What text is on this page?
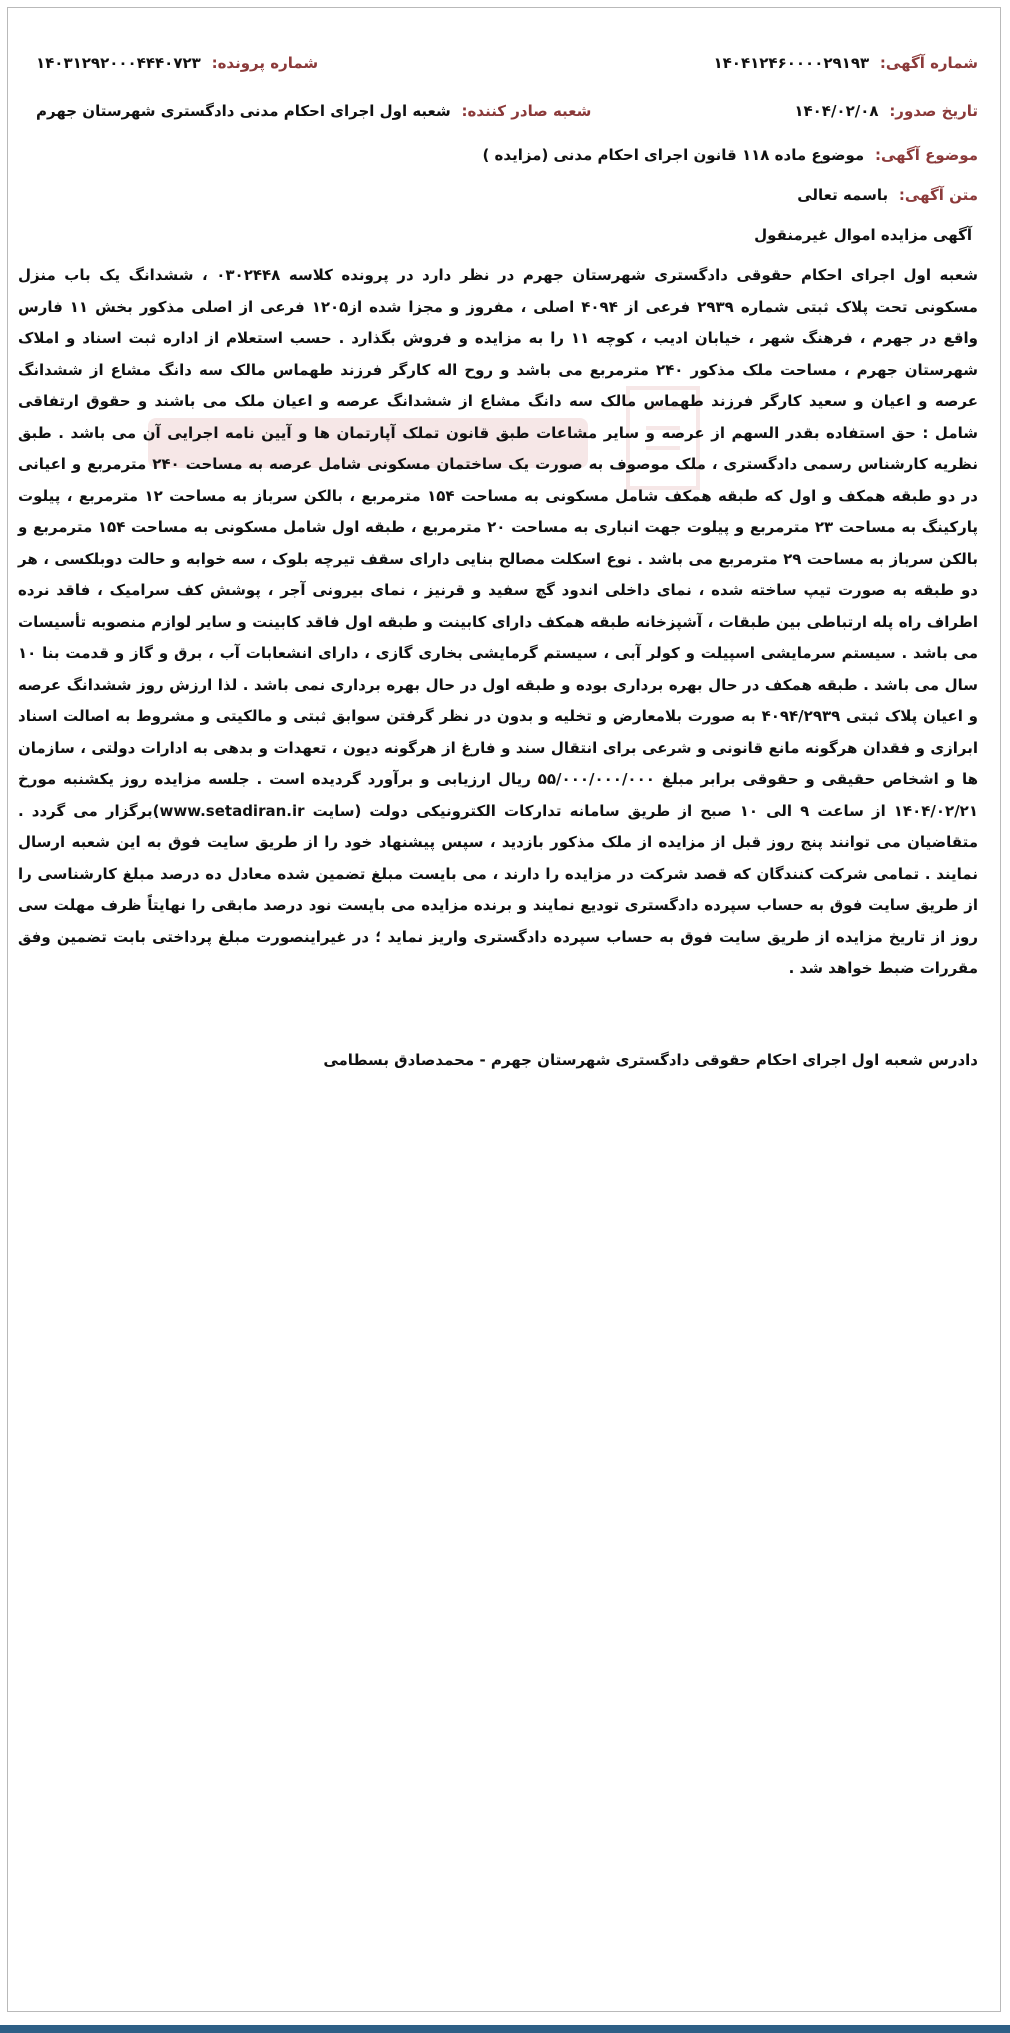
شماره آگهی: ۱۴۰۴۱۲۴۶۰۰۰۰۲۹۱۹۳
شماره پرونده: ۱۴۰۳۱۲۹۲۰۰۰۴۴۴۰۷۲۳
تاریخ صدور: ۱۴۰۴/۰۲/۰۸
شعبه صادر کننده: شعبه اول اجرای احکام مدنی دادگستری شهرستان جهرم
موضوع آگهی: موضوع ماده ۱۱۸ قانون اجرای احکام مدنی (مزایده )
متن آگهی: باسمه تعالی
آگهی مزایده اموال غیرمنقول
شعبه اول اجرای احکام حقوقی دادگستری شهرستان جهرم در نظر دارد در پرونده کلاسه ۰۳۰۲۴۴۸ ، ششدانگ یک باب منزل مسکونی تحت پلاک ثبتی شماره ۲۹۳۹ فرعی از ۴۰۹۴ اصلی ، مفروز و مجزا شده از۱۲۰۵ فرعی از اصلی مذکور بخش ۱۱ فارس واقع در جهرم ، فرهنگ شهر ، خیابان ادیب ، کوچه ۱۱ را به مزایده و فروش بگذارد . حسب استعلام از اداره ثبت اسناد و املاک شهرستان جهرم ، مساحت ملک مذکور ۲۴۰ مترمربع می باشد و روح اله کارگر فرزند طهماس مالک سه دانگ مشاع از ششدانگ عرصه و اعیان و سعید کارگر فرزند طهماس مالک سه دانگ مشاع از ششدانگ عرصه و اعیان ملک می باشند و حقوق ارتفاقی شامل : حق استفاده بقدر السهم از عرصه و سایر مشاعات طبق قانون تملک آپارتمان ها و آیین نامه اجرایی آن می باشد . طبق نظریه کارشناس رسمی دادگستری ، ملک موصوف به صورت یک ساختمان مسکونی شامل عرصه به مساحت ۲۴۰ مترمربع و اعیانی در دو طبقه همکف و اول که طبقه همکف شامل مسکونی به مساحت ۱۵۴ مترمربع ، بالکن سرباز به مساحت ۱۲ مترمربع ، پیلوت پارکینگ به مساحت ۲۳ مترمربع و پیلوت جهت انباری به مساحت ۲۰ مترمربع ، طبقه اول شامل مسکونی به مساحت ۱۵۴ مترمربع و بالکن سرباز به مساحت ۲۹ مترمربع می باشد . نوع اسکلت مصالح بنایی دارای سقف تیرچه بلوک ، سه خوابه و حالت دوبلکسی ، هر دو طبقه به صورت تیپ ساخته شده ، نمای داخلی اندود گچ سفید و قرنیز ، نمای بیرونی آجر ، پوشش کف سرامیک ، فاقد نرده اطراف راه پله ارتباطی بین طبقات ، آشپزخانه طبقه همکف دارای کابینت و طبقه اول فاقد کابینت و سایر لوازم منصوبه تأسیسات می باشد . سیستم سرمایشی اسپیلت و کولر آبی ، سیستم گرمایشی بخاری گازی ، دارای انشعابات آب ، برق و گاز و قدمت بنا ۱۰ سال می باشد . طبقه همکف در حال بهره برداری بوده و طبقه اول در حال بهره برداری نمی باشد . لذا ارزش روز ششدانگ عرصه و اعیان پلاک ثبتی ۴۰۹۴/۲۹۳۹ به صورت بلامعارض و تخلیه و بدون در نظر گرفتن سوابق ثبتی و مالکیتی و مشروط به اصالت اسناد ابرازی و فقدان هرگونه مانع قانونی و شرعی برای انتقال سند و فارغ از هرگونه دیون ، تعهدات و بدهی به ادارات دولتی ، سازمان ها و اشخاص حقیقی و حقوقی برابر مبلغ ۵۵/۰۰۰/۰۰۰/۰۰۰ ریال ارزیابی و برآورد گردیده است . جلسه مزایده روز یکشنبه مورخ ۱۴۰۴/۰۲/۲۱ از ساعت ۹ الی ۱۰ صبح از طریق سامانه تدارکات الکترونیکی دولت (سایت www.setadiran.ir)برگزار می گردد . متقاضیان می توانند پنج روز قبل از مزایده از ملک مذکور بازدید ، سپس پیشنهاد خود را از طریق سایت فوق به این شعبه ارسال نمایند . تمامی شرکت کنندگان که قصد شرکت در مزایده را دارند ، می بایست مبلغ تضمین شده معادل ده درصد مبلغ کارشناسی را از طریق سایت فوق به حساب سپرده دادگستری تودیع نمایند و برنده مزایده می بایست نود درصد مابقی را نهایتاً ظرف مهلت سی روز از تاریخ مزایده از طریق سایت فوق به حساب سپرده دادگستری واریز نماید ؛ در غیراینصورت مبلغ پرداختی بابت تضمین وفق مقررات ضبط خواهد شد .
دادرس شعبه اول اجرای احکام حقوقی دادگستری شهرستان جهرم - محمدصادق بسطامی
